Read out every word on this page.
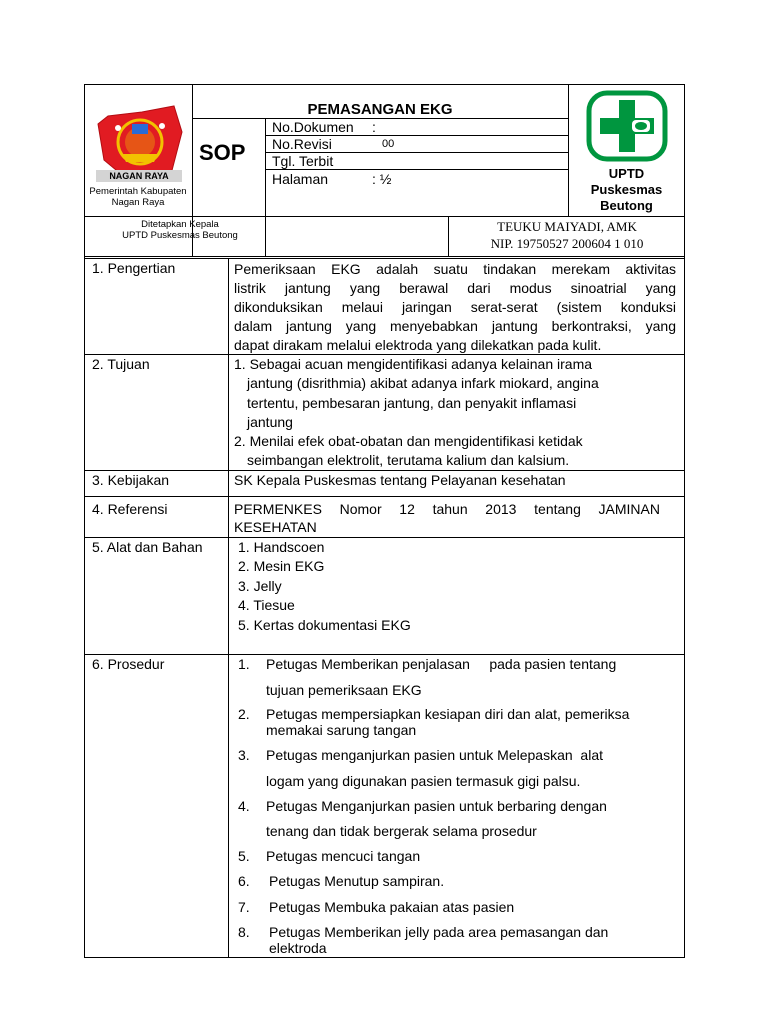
NAGAN RAYA
Pemerintah Kabupaten Nagan Raya
PEMASANGAN EKG
SOP
No.Dokumen :
No.Revisi	00
Tgl. Terbit
Halaman	: ½	UPTD
Puskesmas
Beutong
Ditetapkan Kepala
UPTD Puskesmas Beutong
TEUKU MAIYADI, AMK
NIP. 19750527 200604 1 010
1. Pengertian	Pemeriksaan EKG adalah suatu tindakan merekam aktivitas
listrik jantung yang berawal dari modus sinoatrial yang
dikonduksikan melaui jaringan serat-serat (sistem konduksi
dalam jantung yang menyebabkan jantung berkontraksi, yang
dapat dirakam melalui elektroda yang dilekatkan pada kulit.
2. Tujuan	1. Sebagai acuan mengidentifikasi adanya kelainan irama
jantung (disrithmia) akibat adanya infark miokard, angina
tertentu, pembesaran jantung, dan penyakit inflamasi
jantung
2. Menilai efek obat-obatan dan mengidentifikasi ketidak
seimbangan elektrolit, terutama kalium dan kalsium.
3. Kebijakan	SK Kepala Puskesmas tentang Pelayanan kesehatan
4. Referensi	PERMENKES Nomor 12 tahun 2013 tentang JAMINAN
KESEHATAN
5. Alat dan Bahan	1. Handscoen
2. Mesin EKG
3. Jelly
4. Tiesue
5. Kertas dokumentasi EKG
6. Prosedur	1. Petugas Memberikan penjalasan     pada pasien tentang
tujuan pemeriksaan EKG
2. Petugas mempersiapkan kesiapan diri dan alat, pemeriksa
memakai sarung tangan
3. Petugas menganjurkan pasien untuk Melepaskan  alat
logam yang digunakan pasien termasuk gigi palsu.
4. Petugas Menganjurkan pasien untuk berbaring dengan
tenang dan tidak bergerak selama prosedur
5. Petugas mencuci tangan
6. Petugas Menutup sampiran.
7. Petugas Membuka pakaian atas pasien
8. Petugas Memberikan jelly pada area pemasangan dan
elektroda
